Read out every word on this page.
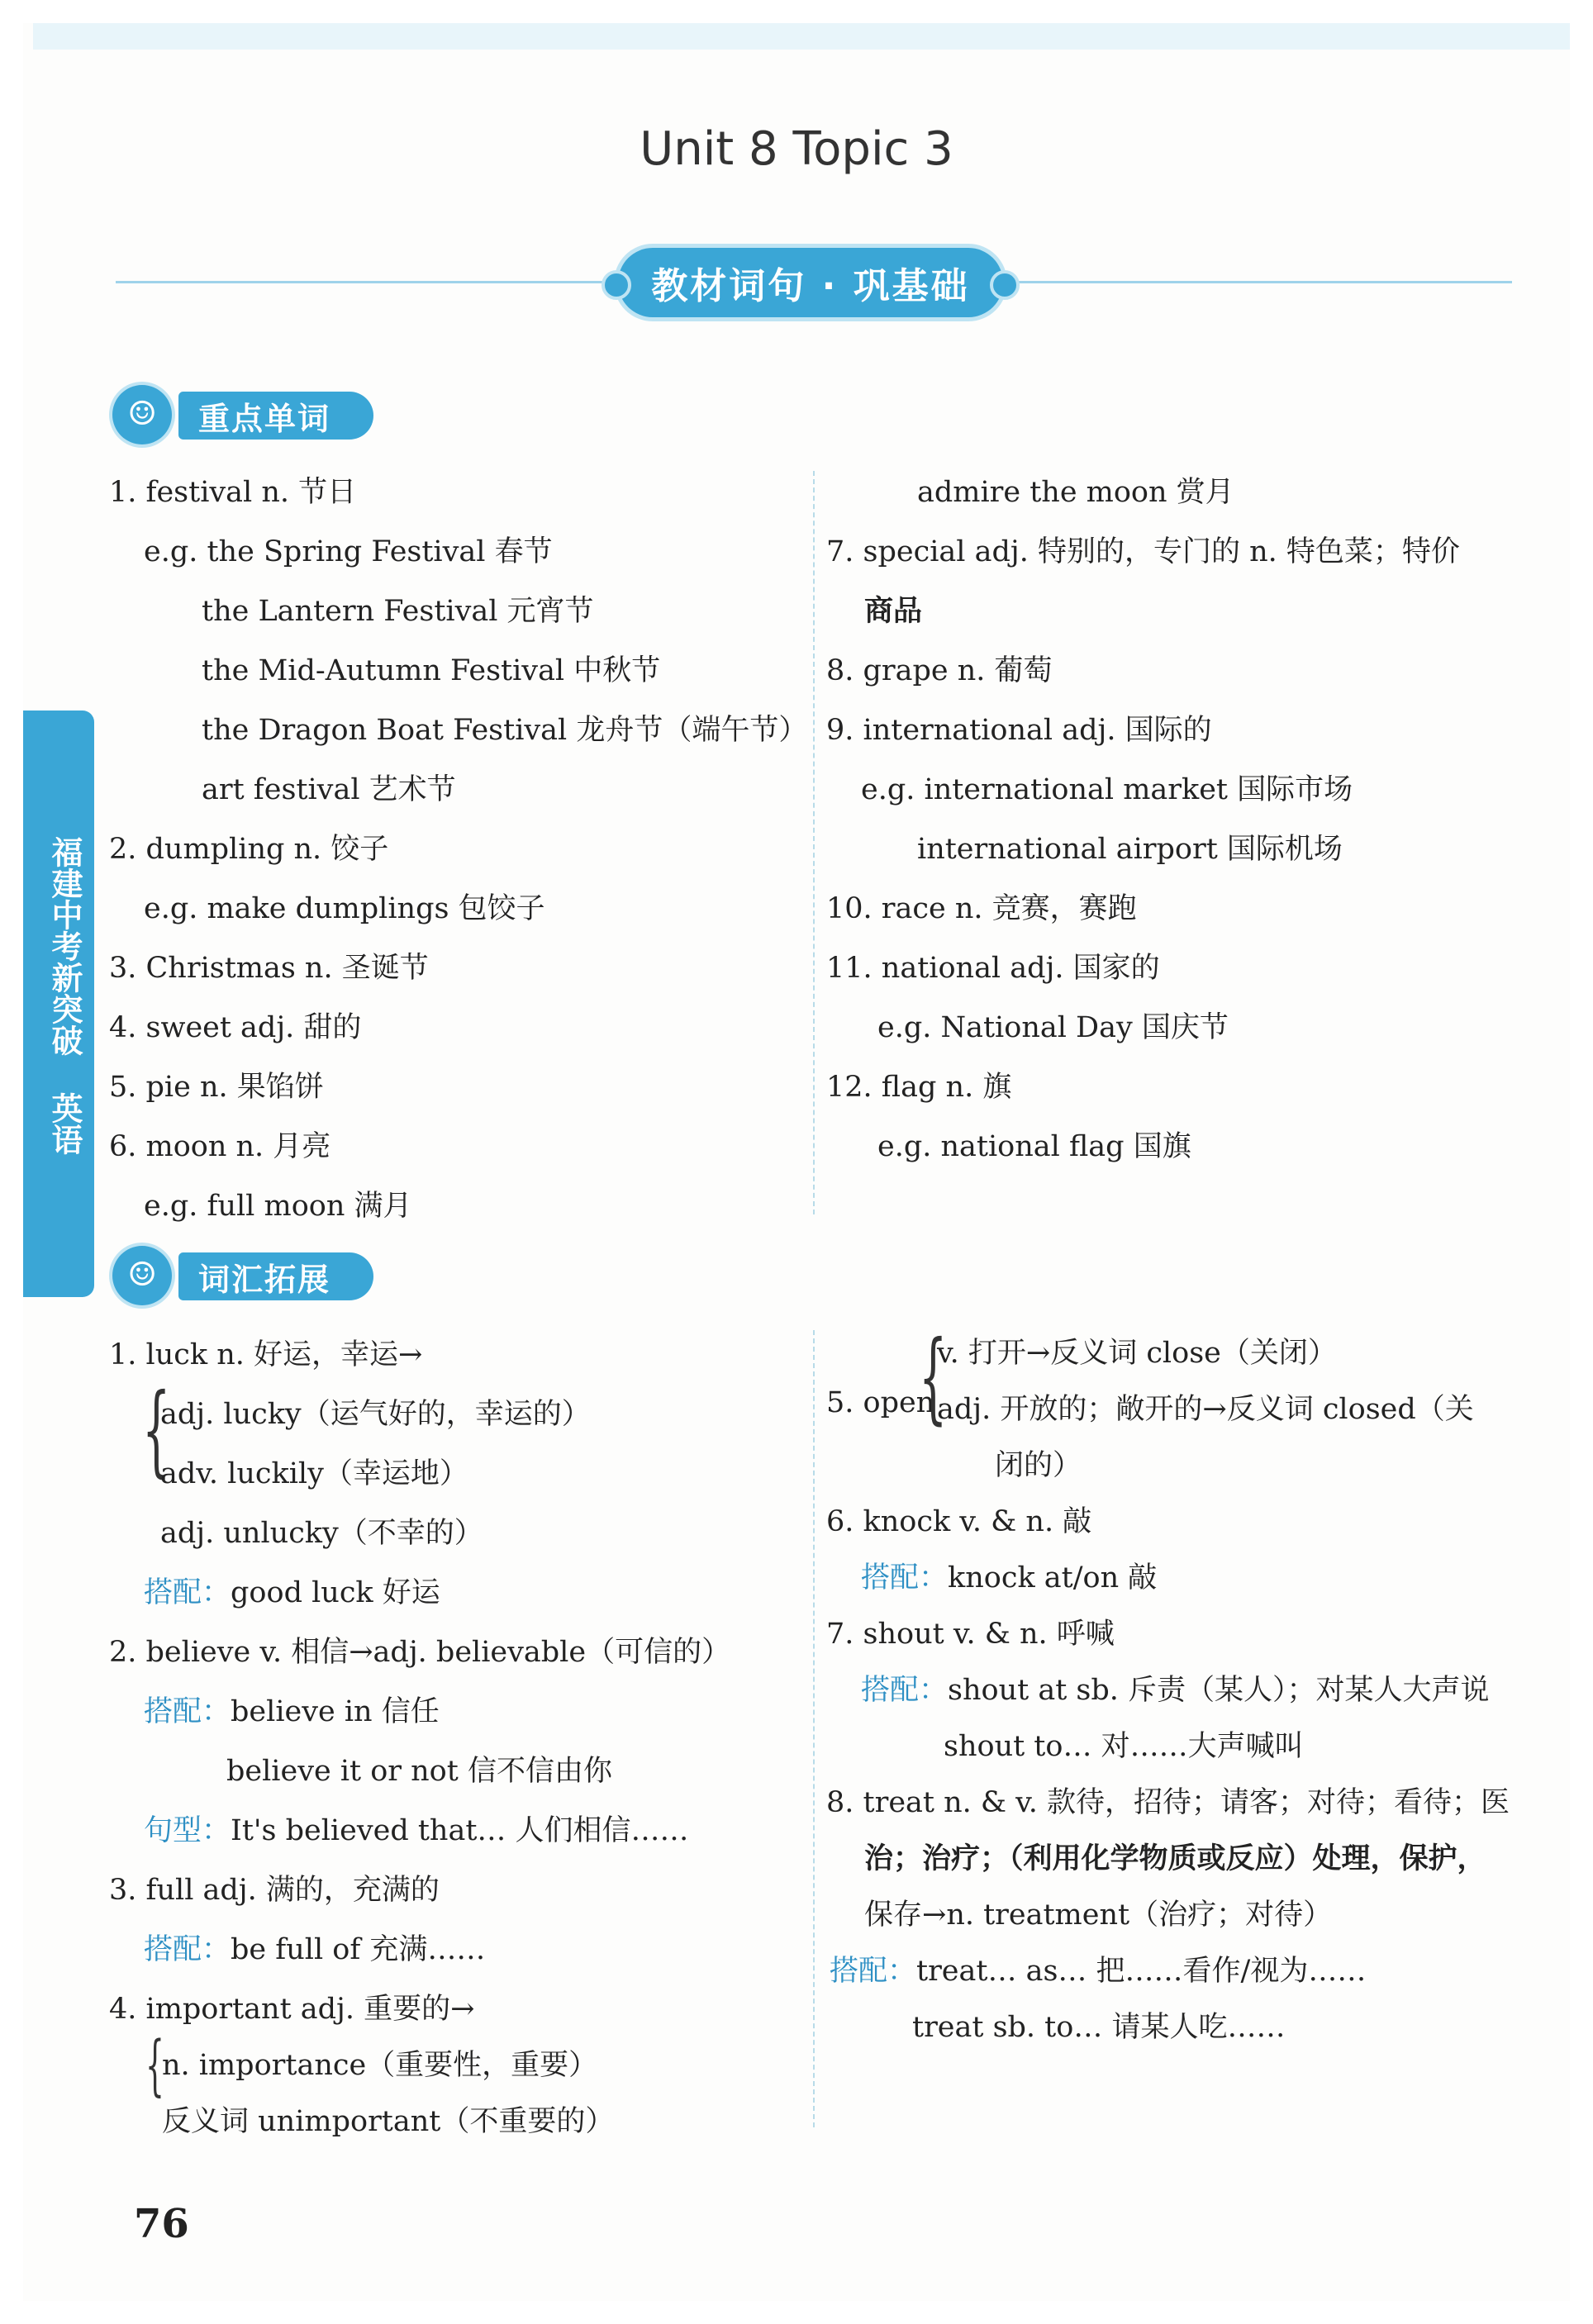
Unit 8 Topic 3
教材词句 · 巩基础
福建中考新突破 英语
☺ 重点单词
1. festival n. 节日
e.g. the Spring Festival 春节
the Lantern Festival 元宵节
the Mid-Autumn Festival 中秋节
the Dragon Boat Festival 龙舟节（端午节）
art festival 艺术节
2. dumpling n. 饺子
e.g. make dumplings 包饺子
3. Christmas n. 圣诞节
4. sweet adj. 甜的
5. pie n. 果馅饼
6. moon n. 月亮
e.g. full moon 满月
admire the moon 赏月
7. special adj. 特别的，专门的 n. 特色菜；特价
商品
8. grape n. 葡萄
9. international adj. 国际的
e.g. international market 国际市场
international airport 国际机场
10. race n. 竞赛，赛跑
11. national adj. 国家的
e.g. National Day 国庆节
12. flag n. 旗
e.g. national flag 国旗
☺ 词汇拓展
1. luck n. 好运，幸运→
{
adj. lucky（运气好的，幸运的）
adv. luckily（幸运地）
adj. unlucky（不幸的）
搭配：good luck 好运
2. believe v. 相信→adj. believable（可信的）
搭配：believe in 信任
believe it or not 信不信由你
句型：It's believed that… 人们相信……
3. full adj. 满的，充满的
搭配：be full of 充满……
4. important adj. 重要的→
{
n. importance（重要性，重要）
反义词 unimportant（不重要的）
v. 打开→反义词 close（关闭）
5. open
{
adj. 开放的；敞开的→反义词 closed（关
闭的）
6. knock v. & n. 敲
搭配：knock at/on 敲
7. shout v. & n. 呼喊
搭配：shout at sb. 斥责（某人）；对某人大声说
shout to… 对……大声喊叫
8. treat n. & v. 款待，招待；请客；对待；看待；医
治；治疗；（利用化学物质或反应）处理，保护，
保存→n. treatment（治疗；对待）
搭配：treat… as… 把……看作/视为……
treat sb. to… 请某人吃……
76
